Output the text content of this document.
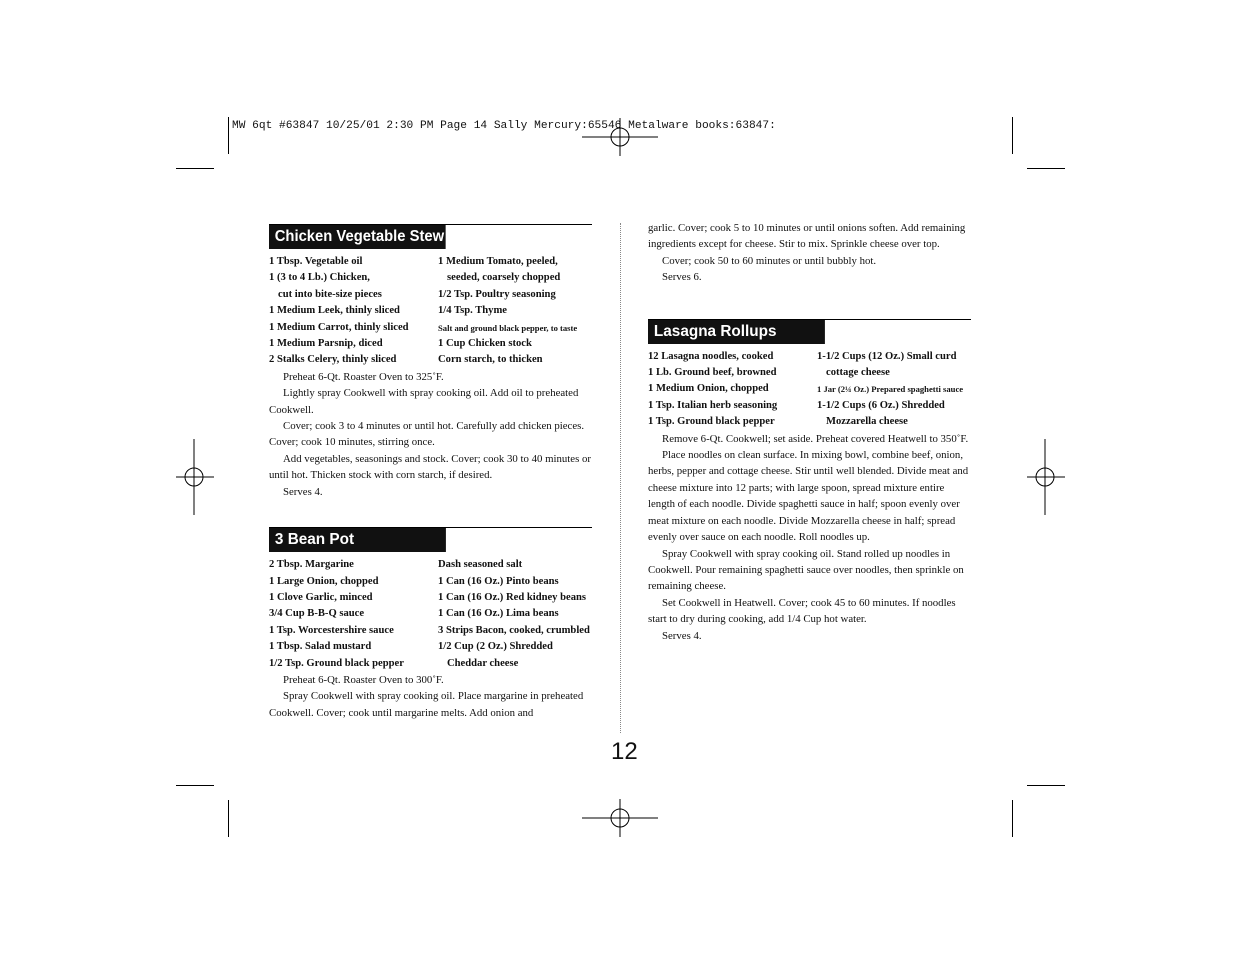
MW 6qt #63847 10/25/01 2:30 PM Page 14 Sally Mercury:65546 Metalware books:63847:
Chicken Vegetable Stew
1 Tbsp. Vegetable oil	1 Medium Tomato, peeled,
1 (3 to 4 Lb.) Chicken,	seeded, coarsely chopped
cut into bite-size pieces	1/2 Tsp. Poultry seasoning
1 Medium Leek, thinly sliced	1/4 Tsp. Thyme
1 Medium Carrot, thinly sliced	Salt and ground black pepper, to taste
1 Medium Parsnip, diced	1 Cup Chicken stock
2 Stalks Celery, thinly sliced	Corn starch, to thicken

Preheat 6-Qt. Roaster Oven to 325˚F.

Lightly spray Cookwell with spray cooking oil. Add oil to preheated Cookwell.

Cover; cook 3 to 4 minutes or until hot. Carefully add chicken pieces. Cover; cook 10 minutes, stirring once.

Add vegetables, seasonings and stock. Cover; cook 30 to 40 minutes or until hot. Thicken stock with corn starch, if desired.

Serves 4.

3 Bean Pot
2 Tbsp. Margarine	Dash seasoned salt
1 Large Onion, chopped	1 Can (16 Oz.) Pinto beans
1 Clove Garlic, minced	1 Can (16 Oz.) Red kidney beans
3/4 Cup B-B-Q sauce	1 Can (16 Oz.) Lima beans
1 Tsp. Worcestershire sauce	3 Strips Bacon, cooked, crumbled
1 Tbsp. Salad mustard	1/2 Cup (2 Oz.) Shredded
1/2 Tsp. Ground black pepper	Cheddar cheese

Preheat 6-Qt. Roaster Oven to 300˚F.

Spray Cookwell with spray cooking oil. Place margarine in preheated Cookwell. Cover; cook until margarine melts. Add onion and

garlic. Cover; cook 5 to 10 minutes or until onions soften. Add remaining ingredients except for cheese. Stir to mix. Sprinkle cheese over top.

Cover; cook 50 to 60 minutes or until bubbly hot.

Serves 6.

Lasagna Rollups
12 Lasagna noodles, cooked	1-1/2 Cups (12 Oz.) Small curd
1 Lb. Ground beef, browned	cottage cheese
1 Medium Onion, chopped	1 Jar (2¼ Oz.) Prepared spaghetti sauce
1 Tsp. Italian herb seasoning	1-1/2 Cups (6 Oz.) Shredded
1 Tsp. Ground black pepper	Mozzarella cheese

Remove 6-Qt. Cookwell; set aside. Preheat covered Heatwell to 350˚F.

Place noodles on clean surface. In mixing bowl, combine beef, onion, herbs, pepper and cottage cheese. Stir until well blended. Divide meat and cheese mixture into 12 parts; with large spoon, spread mixture entire length of each noodle. Divide spaghetti sauce in half; spoon evenly over meat mixture on each noodle. Divide Mozzarella cheese in half; spread evenly over sauce on each noodle. Roll noodles up.

Spray Cookwell with spray cooking oil. Stand rolled up noodles in Cookwell. Pour remaining spaghetti sauce over noodles, then sprinkle on remaining cheese.

Set Cookwell in Heatwell. Cover; cook 45 to 60 minutes. If noodles start to dry during cooking, add 1/4 Cup hot water.

Serves 4.

12
